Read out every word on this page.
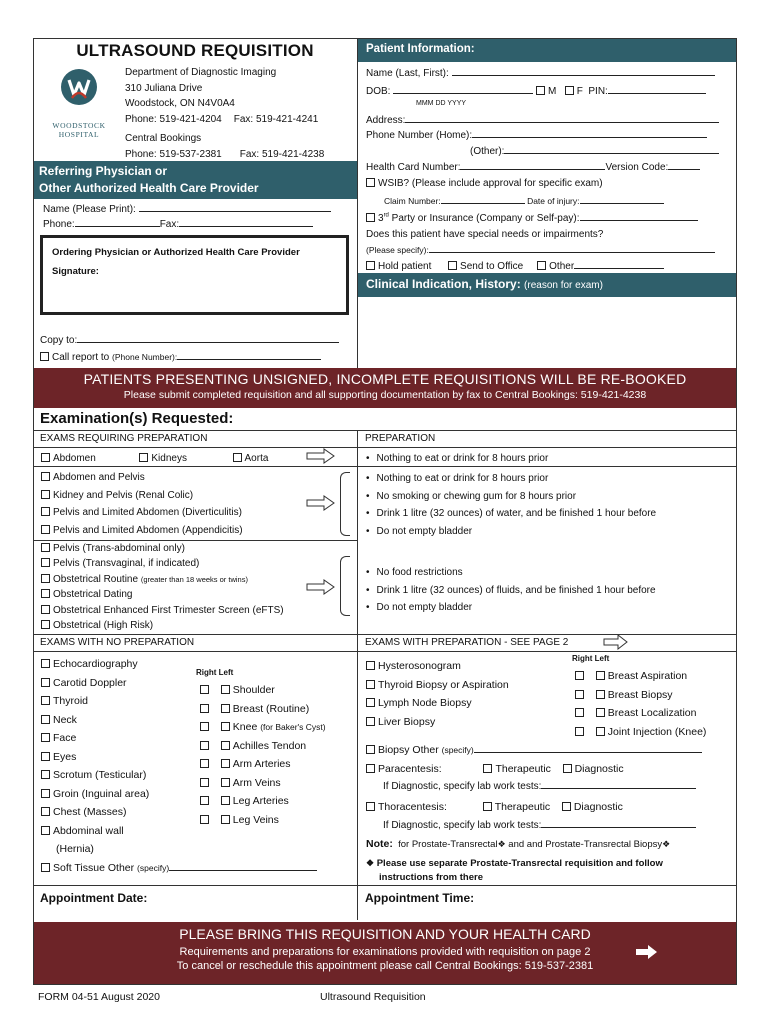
ULTRASOUND REQUISITION
WOODSTOCK
HOSPITAL
Department of Diagnostic Imaging
310 Juliana Drive
Woodstock, ON N4V0A4
Phone: 519-421-4204 Fax: 519-421-4241
Central Bookings
Phone: 519-537-2381 Fax: 519-421-4238
Referring Physician or
Other Authorized Health Care Provider
Name (Please Print):
Phone:	Fax:
Ordering Physician or Authorized Health Care Provider
Signature:
Copy to:
Call report to (Phone Number):
Patient Information:
Name (Last, First):
DOB:	M F PIN:
MMM DD YYYY
Address:
Phone Number (Home):
(Other):
Health Card Number:	Version Code:
WSIB? (Please include approval for specific exam)
Claim Number:	Date of injury:
3rd Party or Insurance (Company or Self-pay):
Does this patient have special needs or impairments?
(Please specify):
Hold patient	Send to Office	Other
Clinical Indication, History: (reason for exam)
PATIENTS PRESENTING UNSIGNED, INCOMPLETE REQUISITIONS WILL BE RE-BOOKED
Please submit completed requisition and all supporting documentation by fax to Central Bookings: 519-421-4238
Examination(s) Requested:
EXAMS REQUIRING PREPARATION	PREPARATION
Abdomen	Kidneys	Aorta
•	Nothing to eat or drink for 8 hours prior
Abdomen and Pelvis
Kidney and Pelvis (Renal Colic)
Pelvis and Limited Abdomen (Diverticulitis)
Pelvis and Limited Abdomen (Appendicitis)
• Nothing to eat or drink for 8 hours prior
• No smoking or chewing gum for 8 hours prior
• Drink 1 litre (32 ounces) of water, and be finished 1 hour before
• Do not empty bladder
Pelvis (Trans-abdominal only)
Pelvis (Transvaginal, if indicated)
Obstetrical Routine (greater than 18 weeks or twins)
Obstetrical Dating
Obstetrical Enhanced First Trimester Screen (eFTS)
Obstetrical (High Risk)
• No food restrictions
• Drink 1 litre (32 ounces) of fluids, and be finished 1 hour before
• Do not empty bladder
EXAMS WITH NO PREPARATION
Echocardiography
Carotid Doppler
Thyroid
Neck
Face
Eyes
Scrotum (Testicular)
Groin (Inguinal area)
Chest (Masses)
Abdominal wall
(Hernia)
Soft Tissue Other (specify)
Right Left
Shoulder
Breast (Routine)
Knee (for Baker's Cyst)
Achilles Tendon
Arm Arteries
Arm Veins
Leg Arteries
Leg Veins
EXAMS WITH PREPARATION - SEE PAGE 2
Right Left
Hysterosonogram
Thyroid Biopsy or Aspiration
Lymph Node Biopsy
Liver Biopsy
Breast Aspiration
Breast Biopsy
Breast Localization
Joint Injection (Knee)
Biopsy Other (specify)
Paracentesis:	Therapeutic Diagnostic
If Diagnostic, specify lab work tests:
Thoracentesis:	Therapeutic Diagnostic
If Diagnostic, specify lab work tests:
Note: for Prostate-Transrectal❖ and and Prostate-Transrectal Biopsy❖
❖ Please use separate Prostate-Transrectal requisition and follow
instructions from there
Appointment Date:	Appointment Time:
PLEASE BRING THIS REQUISITION AND YOUR HEALTH CARD
Requirements and preparations for examinations provided with requisition on page 2
To cancel or reschedule this appointment please call Central Bookings: 519-537-2381
FORM 04-51 August 2020	Ultrasound Requisition
